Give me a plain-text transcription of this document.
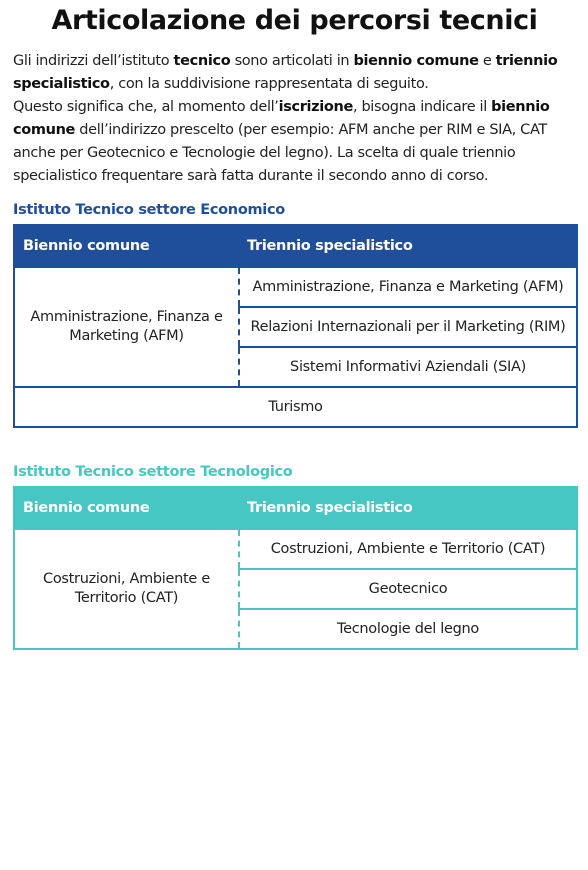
Articolazione dei percorsi tecnici

Gli indirizzi dell’istituto tecnico sono articolati in biennio comune e triennio specialistico, con la suddivisione rappresentata di seguito.

Questo significa che, al momento dell’iscrizione, bisogna indicare il biennio comune dell’indirizzo prescelto (per esempio: AFM anche per RIM e SIA, CAT anche per Geotecnico e Tecnologie del legno). La scelta di quale triennio specialistico frequentare sarà fatta durante il secondo anno di corso.

Istituto Tecnico settore Economico
Biennio comune	Triennio specialistico
Amministrazione, Finanza e Marketing (AFM)	Amministrazione, Finanza e Marketing (AFM)
	Relazioni Internazionali per il Marketing (RIM)
	Sistemi Informativi Aziendali (SIA)
Turismo	
Istituto Tecnico settore Tecnologico
Biennio comune	Triennio specialistico
Costruzioni, Ambiente e Territorio (CAT)	Costruzioni, Ambiente e Territorio (CAT)
	Geotecnico
	Tecnologie del legno
